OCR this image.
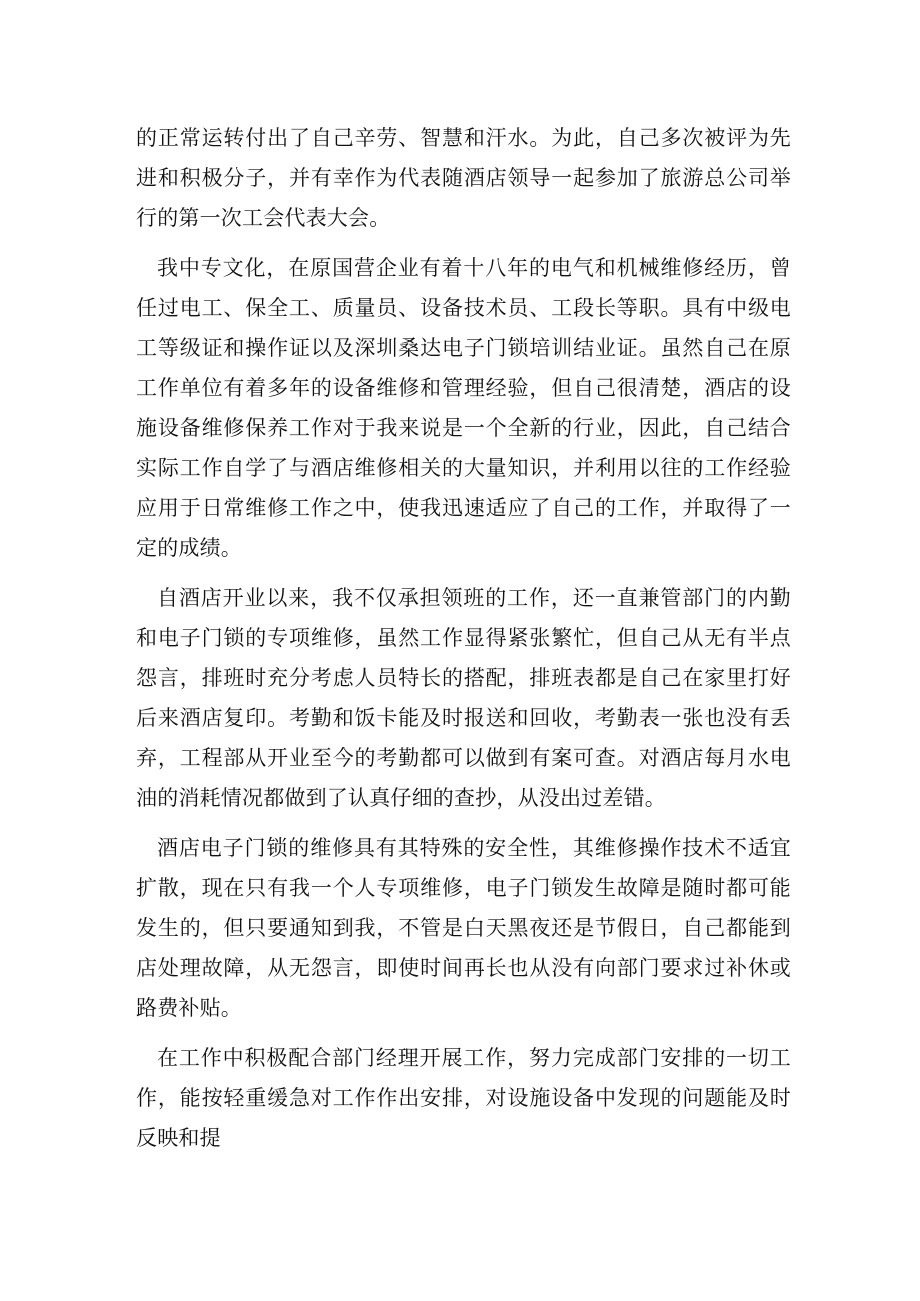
的正常运转付出了自己辛劳、智慧和汗水。为此，自己多次被评为先进和积极分子，并有幸作为代表随酒店领导一起参加了旅游总公司举行的第一次工会代表大会。

我中专文化，在原国营企业有着十八年的电气和机械维修经历，曾任过电工、保全工、质量员、设备技术员、工段长等职。具有中级电工等级证和操作证以及深圳桑达电子门锁培训结业证。虽然自己在原工作单位有着多年的设备维修和管理经验，但自己很清楚，酒店的设施设备维修保养工作对于我来说是一个全新的行业，因此，自己结合实际工作自学了与酒店维修相关的大量知识，并利用以往的工作经验应用于日常维修工作之中，使我迅速适应了自己的工作，并取得了一定的成绩。

自酒店开业以来，我不仅承担领班的工作，还一直兼管部门的内勤和电子门锁的专项维修，虽然工作显得紧张繁忙，但自己从无有半点怨言，排班时充分考虑人员特长的搭配，排班表都是自己在家里打好后来酒店复印。考勤和饭卡能及时报送和回收，考勤表一张也没有丢弃，工程部从开业至今的考勤都可以做到有案可查。对酒店每月水电油的消耗情况都做到了认真仔细的查抄，从没出过差错。

酒店电子门锁的维修具有其特殊的安全性，其维修操作技术不适宜扩散，现在只有我一个人专项维修，电子门锁发生故障是随时都可能发生的，但只要通知到我，不管是白天黑夜还是节假日，自己都能到店处理故障，从无怨言，即使时间再长也从没有向部门要求过补休或路费补贴。

在工作中积极配合部门经理开展工作，努力完成部门安排的一切工作，能按轻重缓急对工作作出安排，对设施设备中发现的问题能及时反映和提
